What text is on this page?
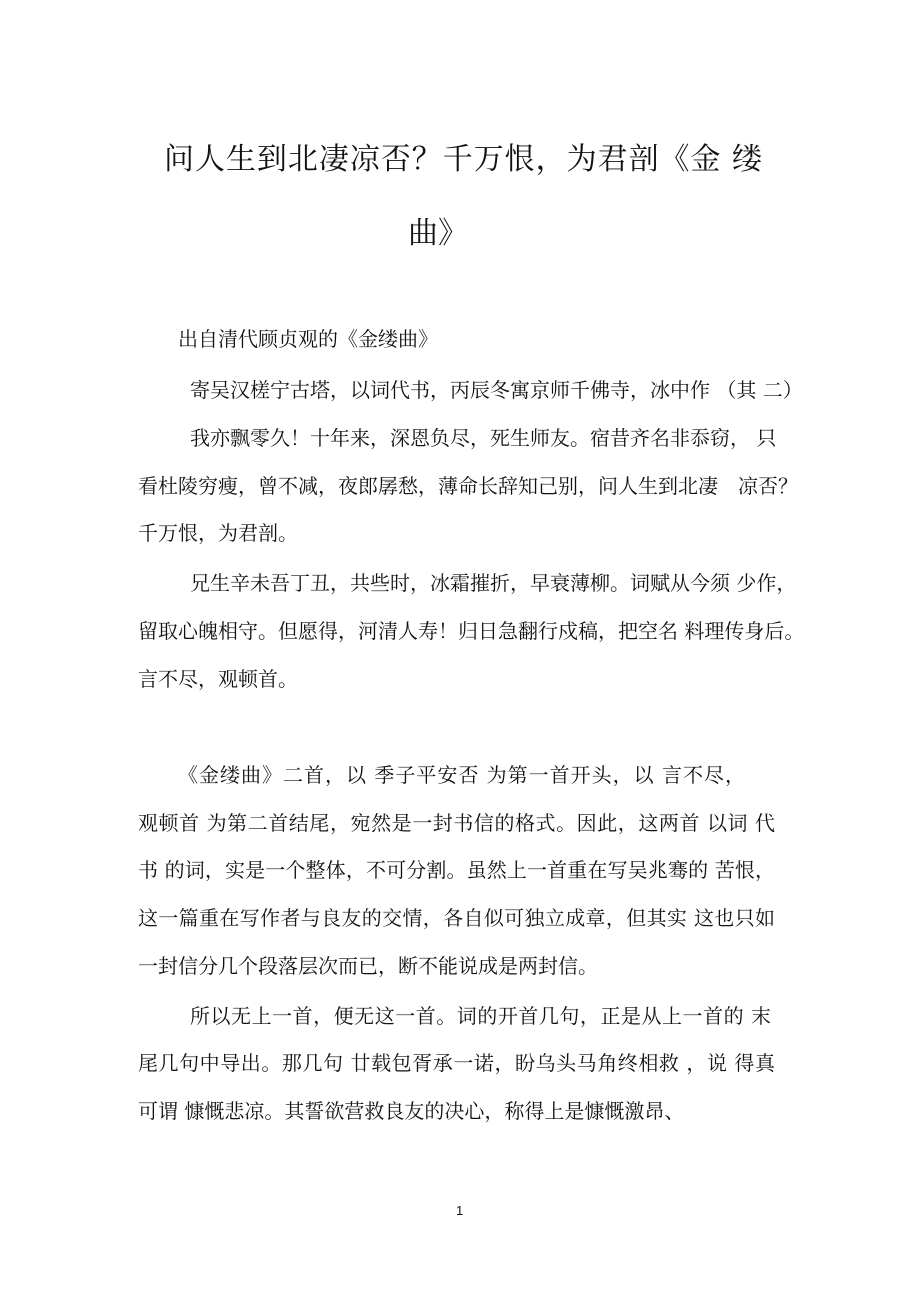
问人生到北凄凉否？千万恨，为君剖《金 缕
曲》
出自清代顾贞观的《金缕曲》
寄吴汉槎宁古塔，以词代书，丙辰冬寓京师千佛寺，冰中作 （其 二）
我亦飘零久！十年来，深恩负尽，死生师友。宿昔齐名非忝窃， 只
看杜陵穷瘦，曾不减，夜郎孱愁，薄命长辞知己别，问人生到北凄　凉否？
千万恨，为君剖。
兄生辛未吾丁丑，共些时，冰霜摧折，早衰薄柳。词赋从今须 少作，
留取心魄相守。但愿得，河清人寿！归日急翻行戍稿，把空名 料理传身后。
言不尽，观顿首。
《金缕曲》二首，以 季子平安否 为第一首开头，以 言不尽，
观顿首 为第二首结尾，宛然是一封书信的格式。因此，这两首 以词 代
书 的词，实是一个整体，不可分割。虽然上一首重在写吴兆骞的 苦恨，
这一篇重在写作者与良友的交情，各自似可独立成章，但其实 这也只如
一封信分几个段落层次而已，断不能说成是两封信。
所以无上一首，便无这一首。词的开首几句，正是从上一首的 末
尾几句中导出。那几句 廿载包胥承一诺，盼乌头马角终相救 ，说 得真
可谓 慷慨悲凉。其誓欲营救良友的决心，称得上是慷慨激昂、
1
